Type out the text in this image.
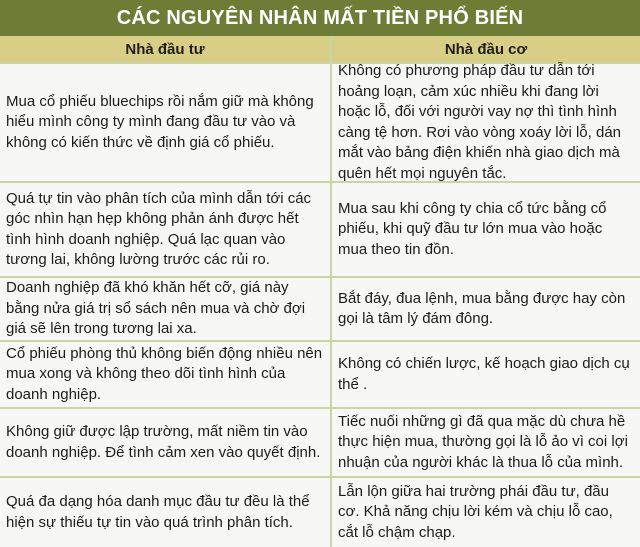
CÁC NGUYÊN NHÂN MẤT TIỀN PHỔ BIẾN
Nhà đầu tư	Nhà đầu cơ
Mua cổ phiếu bluechips rồi nắm giữ mà không hiểu mình công ty mình đang đầu tư vào và không có kiến thức về định giá cổ phiếu.
Không có phương pháp đầu tư dẫn tới hoảng loạn, cảm xúc nhiều khi đang lời hoặc lỗ, đối với người vay nợ thì tình hình càng tệ hơn. Rơi vào vòng xoáy lời lỗ, dán mắt vào bảng điện khiến nhà giao dịch mà quên hết mọi nguyên tắc.
Quá tự tin vào phân tích của mình dẫn tới các góc nhìn hạn hẹp không phản ánh được hết tình hình doanh nghiệp. Quá lạc quan vào tương lai, không lường trước các rủi ro.
Mua sau khi công ty chia cổ tức bằng cổ phiếu, khi quỹ đầu tư lớn mua vào hoặc mua theo tin đồn.
Doanh nghiệp đã khó khăn hết cỡ, giá này bằng nửa giá trị sổ sách nên mua và chờ đợi giá sẽ lên trong tương lai xa.
Bắt đáy, đua lệnh, mua bằng được hay còn gọi là tâm lý đám đông.
Cổ phiếu phòng thủ không biến động nhiều nên mua xong và không theo dõi tình hình của doanh nghiệp.
Không có chiến lược, kế hoạch giao dịch cụ thể .
Không giữ được lập trường, mất niềm tin vào doanh nghiệp. Để tình cảm xen vào quyết định.
Tiếc nuối những gì đã qua mặc dù chưa hề thực hiện mua, thường gọi là lỗ ảo vì coi lợi nhuận của người khác là thua lỗ của mình.
Quá đa dạng hóa danh mục đầu tư đều là thể hiện sự thiếu tự tin vào quá trình phân tích.
Lẫn lộn giữa hai trường phái đầu tư, đầu cơ. Khả năng chịu lời kém và chịu lỗ cao, cắt lỗ chậm chạp.
